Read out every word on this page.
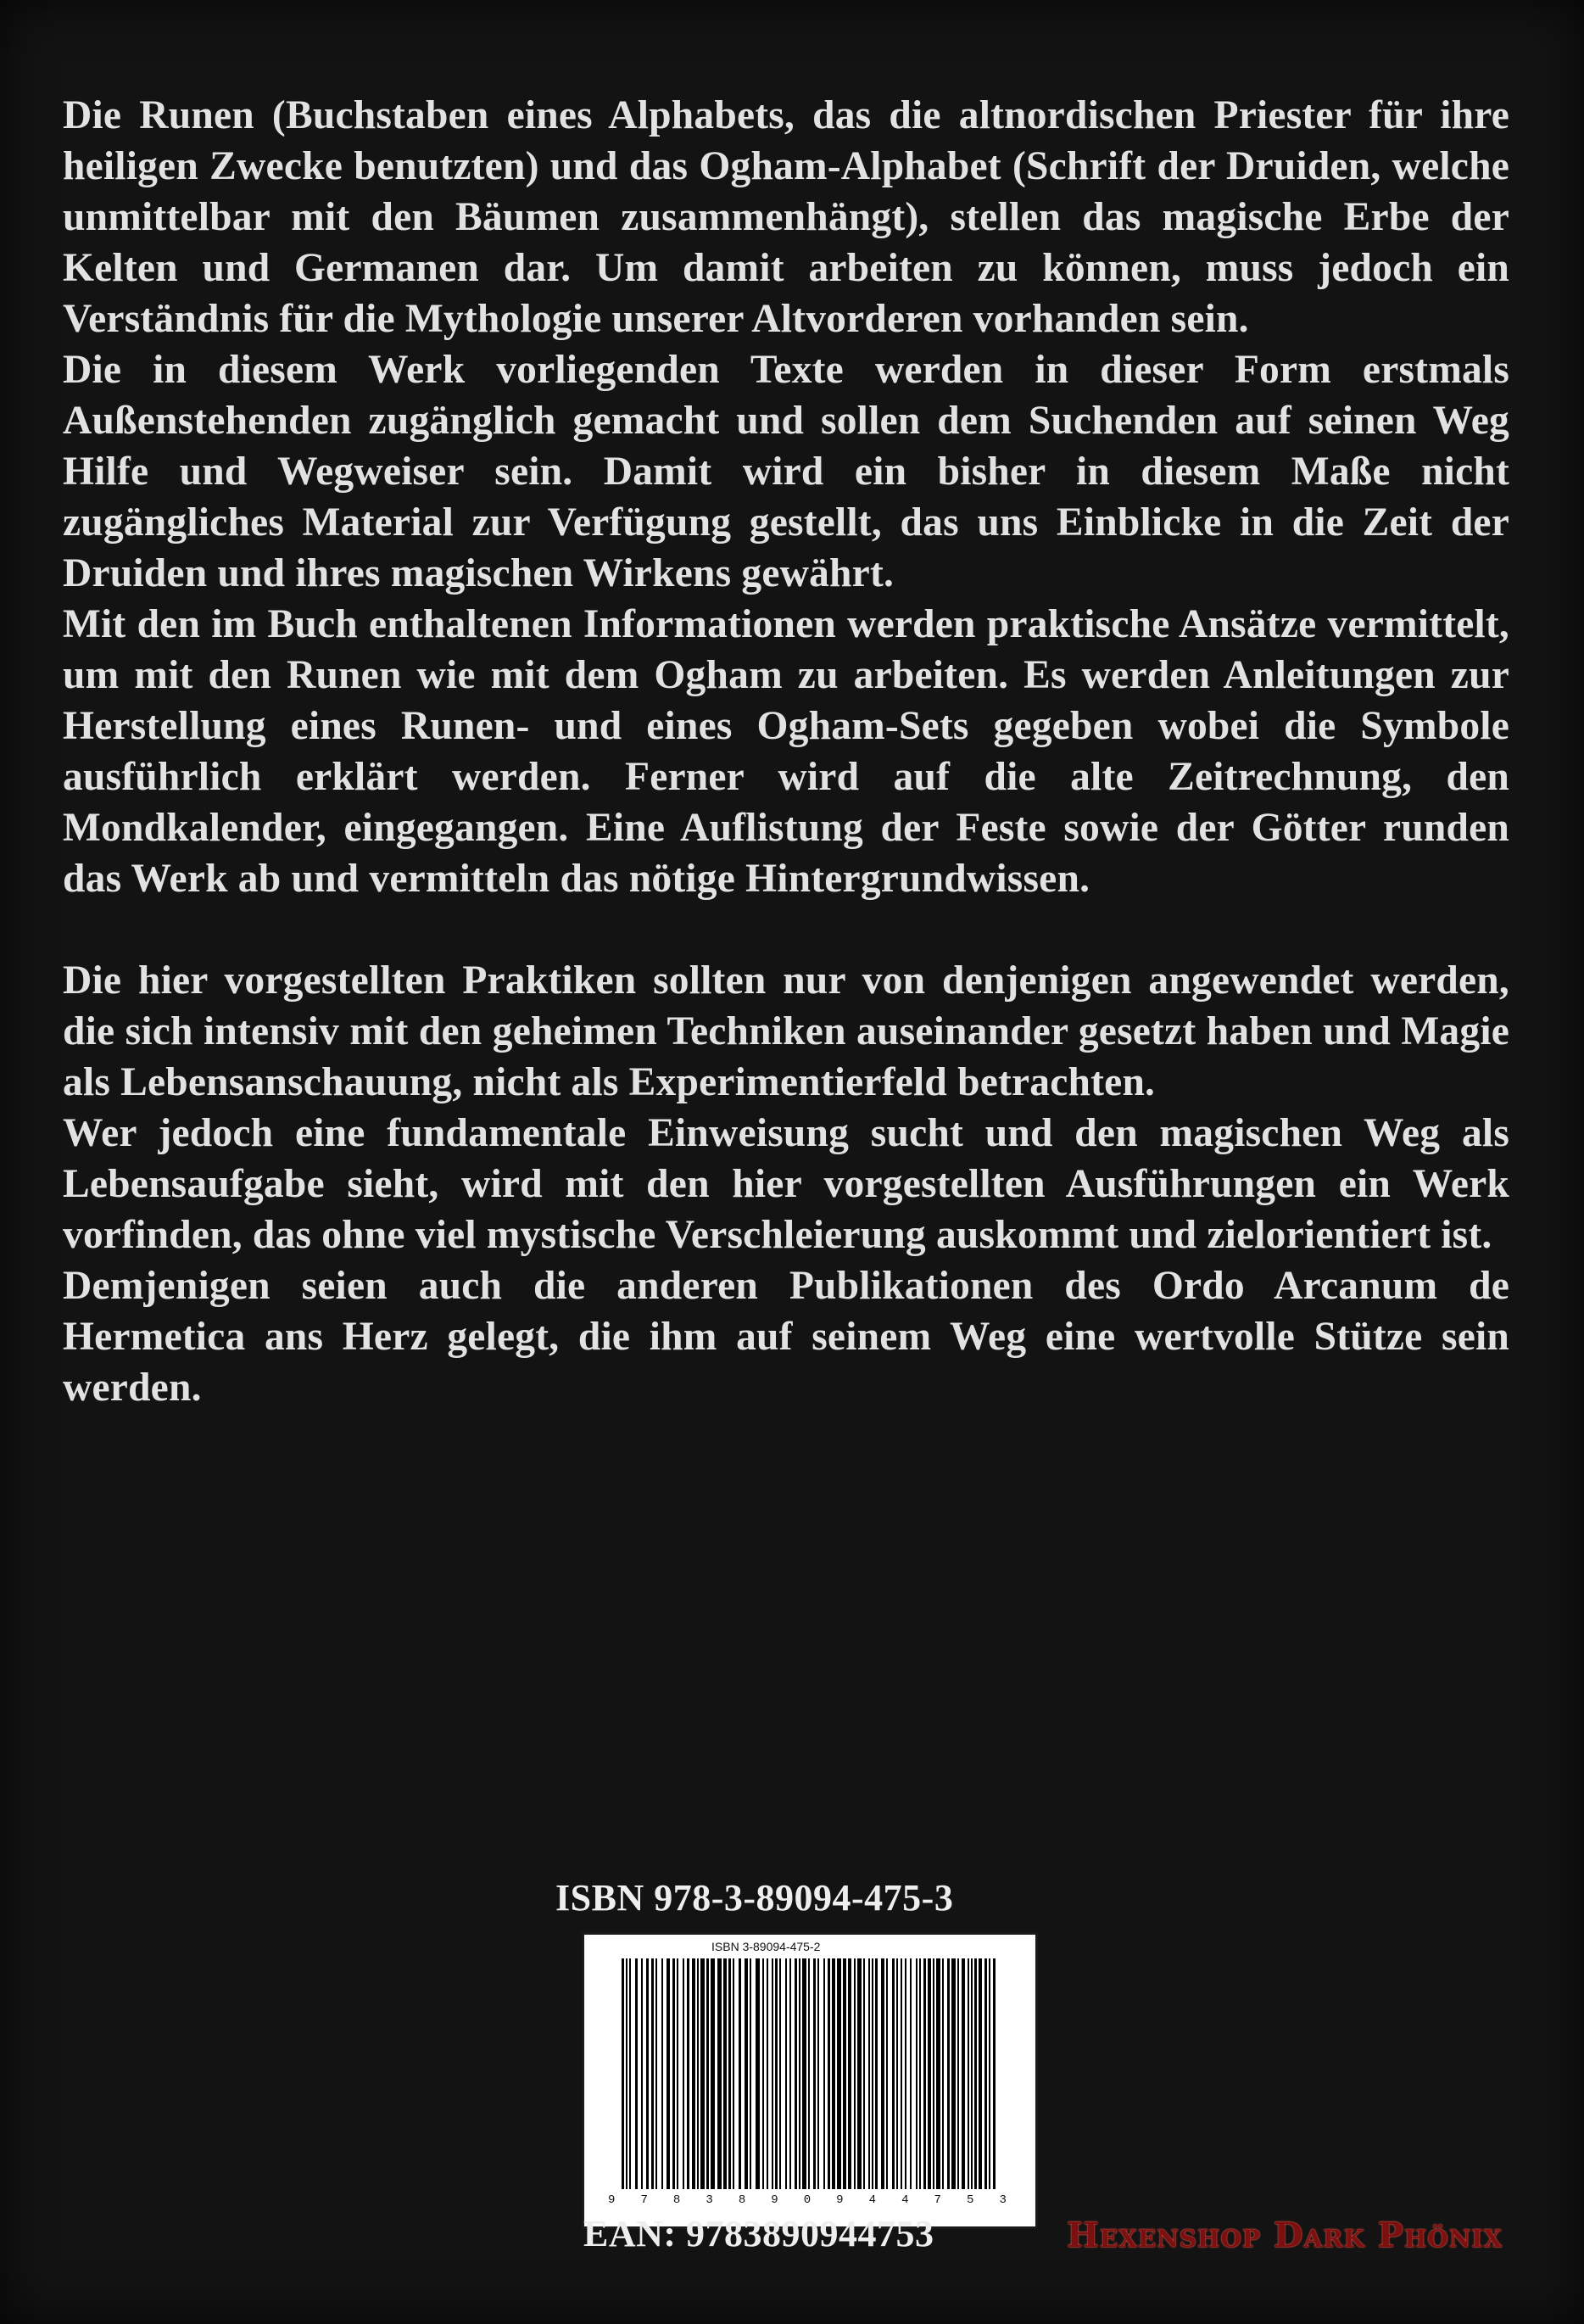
Die Runen (Buchstaben eines Alphabets, das die altnordischen Priester für ihre heiligen Zwecke benutzten) und das Ogham-Alphabet (Schrift der Druiden, welche unmittelbar mit den Bäumen zusammenhängt), stellen das magische Erbe der Kelten und Germanen dar. Um damit arbeiten zu können, muss jedoch ein Verständnis für die Mythologie unserer Altvorderen vorhanden sein.

Die in diesem Werk vorliegenden Texte werden in dieser Form erstmals Außenstehenden zugänglich gemacht und sollen dem Suchenden auf seinen Weg Hilfe und Wegweiser sein. Damit wird ein bisher in diesem Maße nicht zugängliches Material zur Verfügung gestellt, das uns Einblicke in die Zeit der Druiden und ihres magischen Wirkens gewährt.

Mit den im Buch enthaltenen Informationen werden praktische Ansätze vermittelt, um mit den Runen wie mit dem Ogham zu arbeiten. Es werden Anleitungen zur Herstellung eines Runen- und eines Ogham-Sets gegeben wobei die Symbole ausführlich erklärt werden. Ferner wird auf die alte Zeitrechnung, den Mondkalender, eingegangen. Eine Auflistung der Feste sowie der Götter runden das Werk ab und vermitteln das nötige Hintergrundwissen.

Die hier vorgestellten Praktiken sollten nur von denjenigen angewendet werden, die sich intensiv mit den geheimen Techniken auseinander gesetzt haben und Magie als Lebensanschauung, nicht als Experimentierfeld betrachten.

Wer jedoch eine fundamentale Einweisung sucht und den magischen Weg als Lebensaufgabe sieht, wird mit den hier vorgestellten Ausführungen ein Werk vorfinden, das ohne viel mystische Verschleierung auskommt und zielorientiert ist.

Demjenigen seien auch die anderen Publikationen des Ordo Arcanum de Hermetica ans Herz gelegt, die ihm auf seinem Weg eine wertvolle Stütze sein werden.

ISBN 978-3-89094-475-3
ISBN 3-89094-475-2
9 7 8 3 8 9 0 9 4 4 7 5 3
EAN: 9783890944753	Hexenshop Dark Phönix
